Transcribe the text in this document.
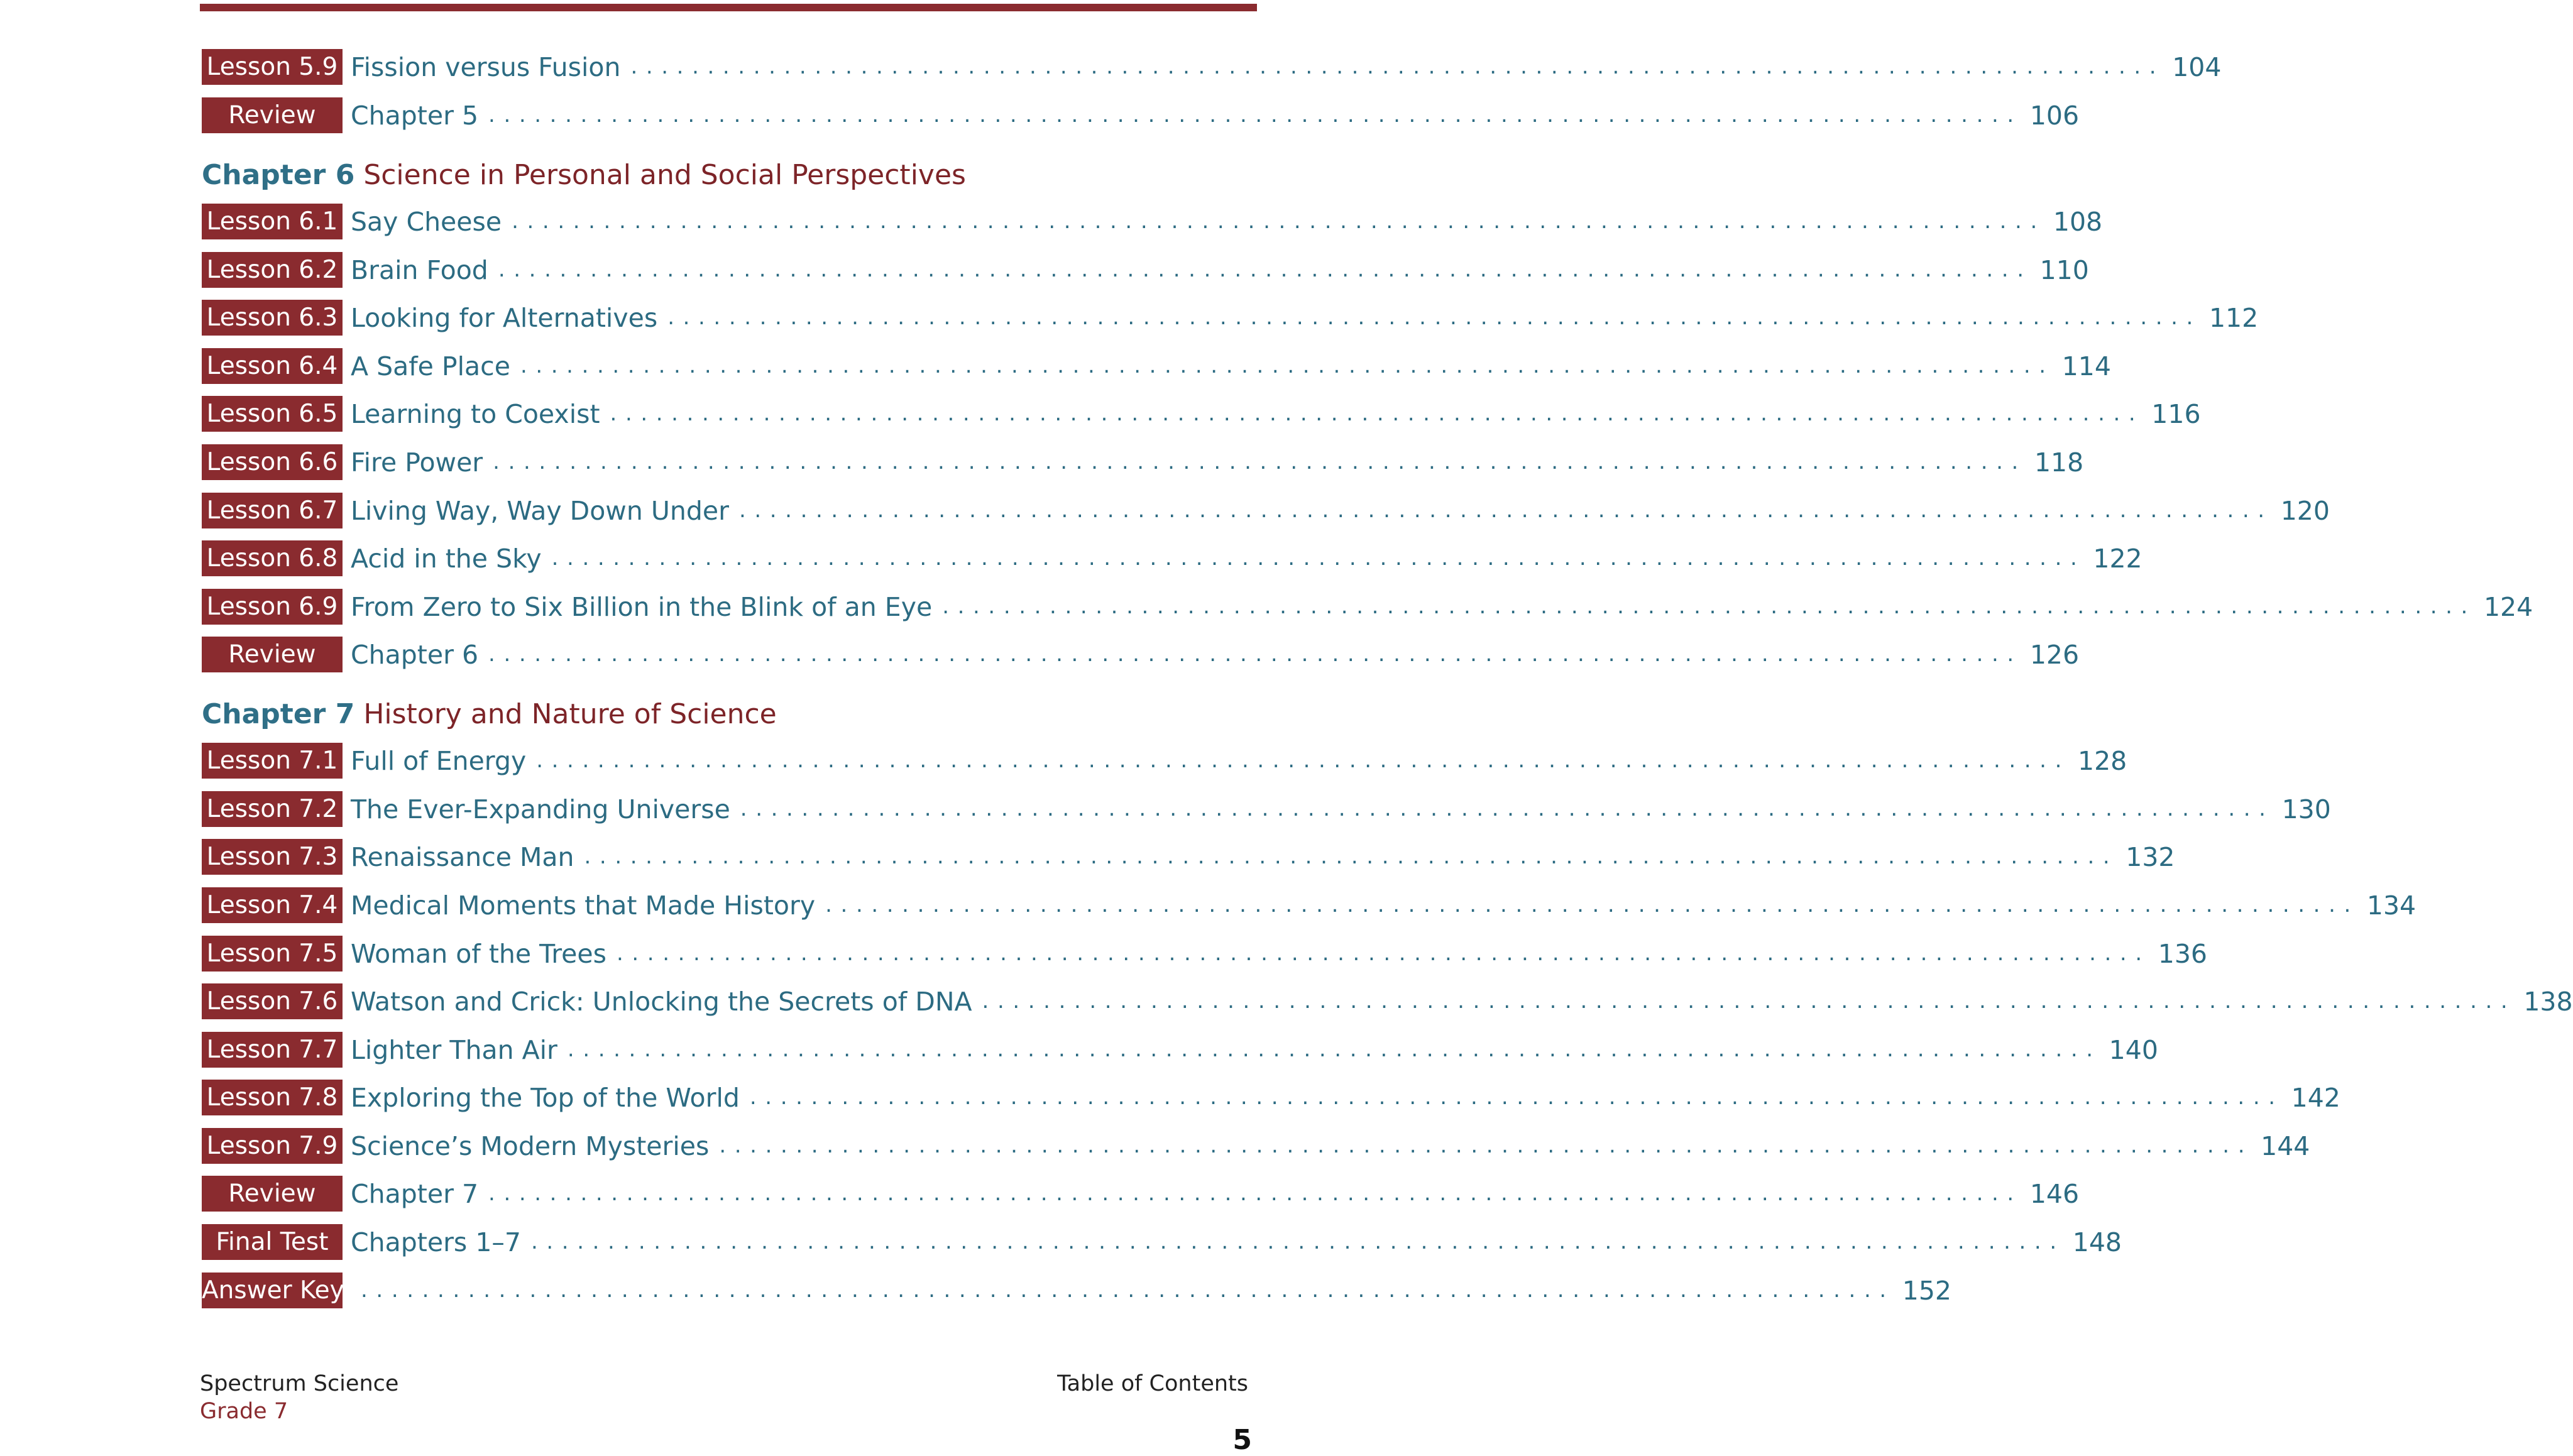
Lesson 5.9 Fission versus Fusion .................................................................................................... 104
Review	Chapter 5 .................................................................................................... 106
Chapter 6 Science in Personal and Social Perspectives
Lesson 6.1 Say Cheese .................................................................................................... 108
Lesson 6.2 Brain Food .................................................................................................... 110
Lesson 6.3 Looking for Alternatives .................................................................................................... 112
Lesson 6.4 A Safe Place .................................................................................................... 114
Lesson 6.5 Learning to Coexist .................................................................................................... 116
Lesson 6.6 Fire Power .................................................................................................... 118
Lesson 6.7 Living Way, Way Down Under .................................................................................................... 120
Lesson 6.8 Acid in the Sky .................................................................................................... 122
Lesson 6.9 From Zero to Six Billion in the Blink of an Eye .................................................................................................... 124
Review	Chapter 6 .................................................................................................... 126
Chapter 7 History and Nature of Science
Lesson 7.1 Full of Energy .................................................................................................... 128
Lesson 7.2 The Ever-Expanding Universe .................................................................................................... 130
Lesson 7.3 Renaissance Man .................................................................................................... 132
Lesson 7.4 Medical Moments that Made History .................................................................................................... 134
Lesson 7.5 Woman of the Trees .................................................................................................... 136
Lesson 7.6 Watson and Crick: Unlocking the Secrets of DNA .................................................................................................... 138
Lesson 7.7 Lighter Than Air .................................................................................................... 140
Lesson 7.8 Exploring the Top of the World .................................................................................................... 142
Lesson 7.9 Science’s Modern Mysteries .................................................................................................... 144
Review	Chapter 7 .................................................................................................... 146
Final Test Chapters 1–7 .................................................................................................... 148
Answer Key .................................................................................................... 152
Spectrum Science
Grade 7
Table of Contents
5
